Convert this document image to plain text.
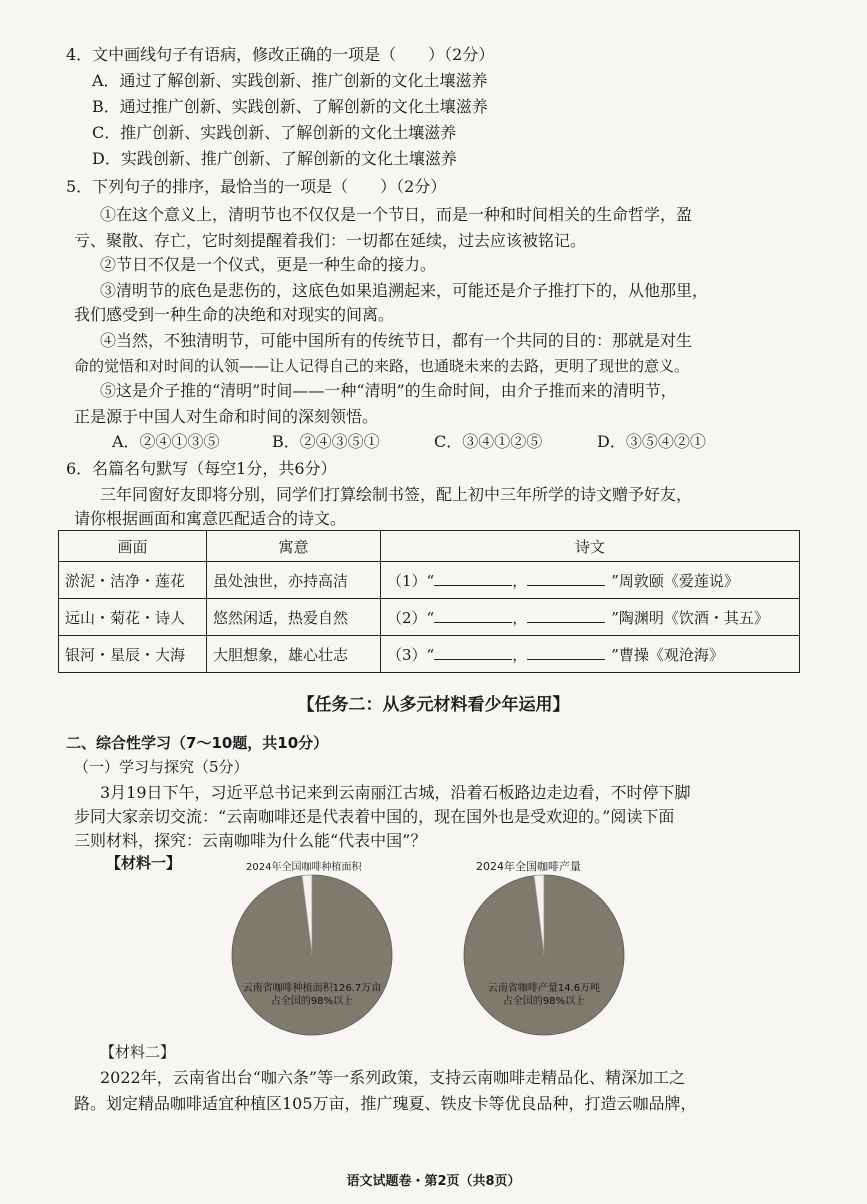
4．文中画线句子有语病，修改正确的一项是（　　）（2分）
A．通过了解创新、实践创新、推广创新的文化土壤滋养
B．通过推广创新、实践创新、了解创新的文化土壤滋养
C．推广创新、实践创新、了解创新的文化土壤滋养
D．实践创新、推广创新、了解创新的文化土壤滋养
5．下列句子的排序，最恰当的一项是（　　）（2分）
①在这个意义上，清明节也不仅仅是一个节日，而是一种和时间相关的生命哲学，盈
亏、聚散、存亡，它时刻提醒着我们：一切都在延续，过去应该被铭记。
②节日不仅是一个仪式，更是一种生命的接力。
③清明节的底色是悲伤的，这底色如果追溯起来，可能还是介子推打下的，从他那里，
我们感受到一种生命的决绝和对现实的间离。
④当然，不独清明节，可能中国所有的传统节日，都有一个共同的目的：那就是对生
命的觉悟和对时间的认领——让人记得自己的来路，也通晓未来的去路，更明了现世的意义。
⑤这是介子推的“清明”时间——一种“清明”的生命时间，由介子推而来的清明节，
正是源于中国人对生命和时间的深刻领悟。
A．②④①③⑤	B．②④③⑤①	C．③④①②⑤	D．③⑤④②①
6．名篇名句默写（每空1分，共6分）
三年同窗好友即将分别，同学们打算绘制书签，配上初中三年所学的诗文赠予好友，
请你根据画面和寓意匹配适合的诗文。
画面	寓意	诗文
淤泥・洁净・莲花	虽处浊世，亦持高洁	（1）“ ， ”周敦颐《爱莲说》
远山・菊花・诗人	悠然闲适，热爱自然	（2）“ ， ”陶渊明《饮酒・其五》
银河・星辰・大海	大胆想象，雄心壮志	（3）“ ， ”曹操《观沧海》
【任务二：从多元材料看少年运用】
二、综合性学习（7～10题，共10分）
（一）学习与探究（5分）
3月19日下午，习近平总书记来到云南丽江古城，沿着石板路边走边看，不时停下脚
步同大家亲切交流：“云南咖啡还是代表着中国的，现在国外也是受欢迎的。”阅读下面
三则材料，探究：云南咖啡为什么能“代表中国”？
【材料一】	2024年全国咖啡种植面积	2024年全国咖啡产量
云南省咖啡种植面积126.7万亩
占全国的98%以上
云南省咖啡产量14.6万吨
占全国的98%以上
【材料二】
2022年，云南省出台“咖六条”等一系列政策，支持云南咖啡走精品化、精深加工之
路。划定精品咖啡适宜种植区105万亩，推广瑰夏、铁皮卡等优良品种，打造云咖品牌，
语文试题卷・第2页（共8页）
